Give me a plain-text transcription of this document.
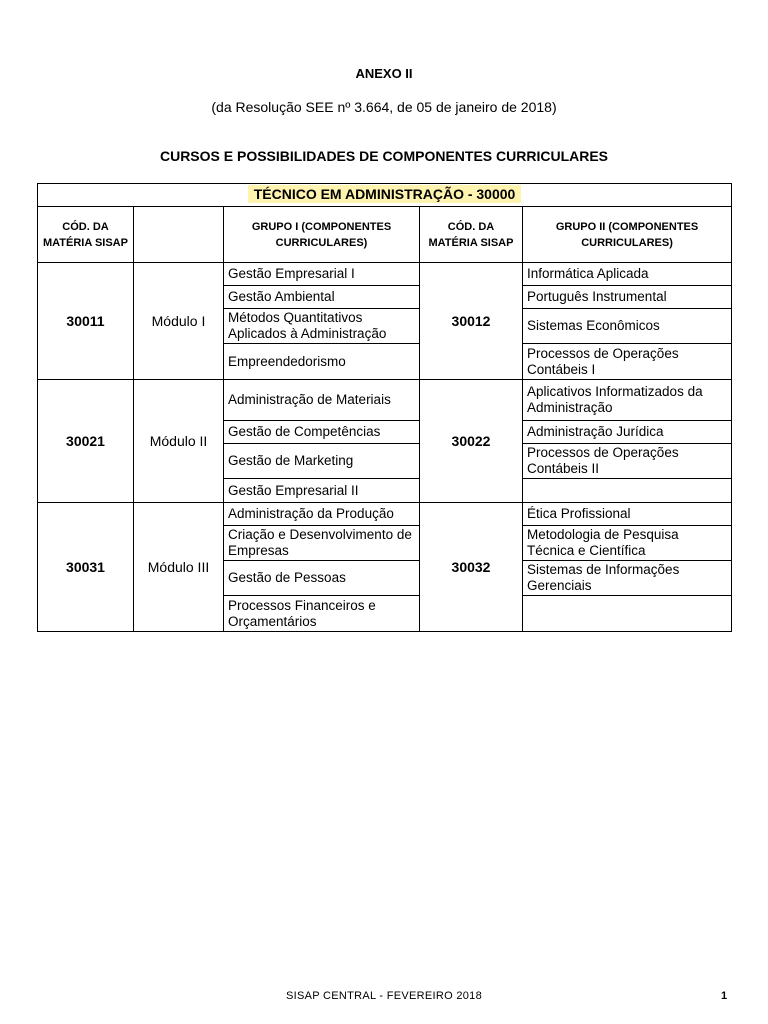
ANEXO II
(da Resolução SEE nº 3.664, de 05 de janeiro de 2018)
CURSOS E POSSIBILIDADES DE COMPONENTES CURRICULARES
TÉCNICO EM ADMINISTRAÇÃO - 30000				
CÓD. DA MATÉRIA SISAP		GRUPO I (COMPONENTES CURRICULARES)	CÓD. DA MATÉRIA SISAP	GRUPO II (COMPONENTES CURRICULARES)
30011	Módulo I	Gestão Empresarial I	30012	Informática Aplicada
		Gestão Ambiental		Português Instrumental
		Métodos Quantitativos Aplicados à Administração		Sistemas Econômicos
		Empreendedorismo		Processos de Operações Contábeis I
30021	Módulo II	Administração de Materiais	30022	Aplicativos Informatizados da Administração
		Gestão de Competências		Administração Jurídica
		Gestão de Marketing		Processos de Operações Contábeis II
		Gestão Empresarial II		
30031	Módulo III	Administração da Produção	30032	Ética Profissional
		Criação e Desenvolvimento de Empresas		Metodologia de Pesquisa Técnica e Científica
		Gestão de Pessoas		Sistemas de Informações Gerenciais
		Processos Financeiros e Orçamentários		
SISAP CENTRAL - FEVEREIRO 2018	1
